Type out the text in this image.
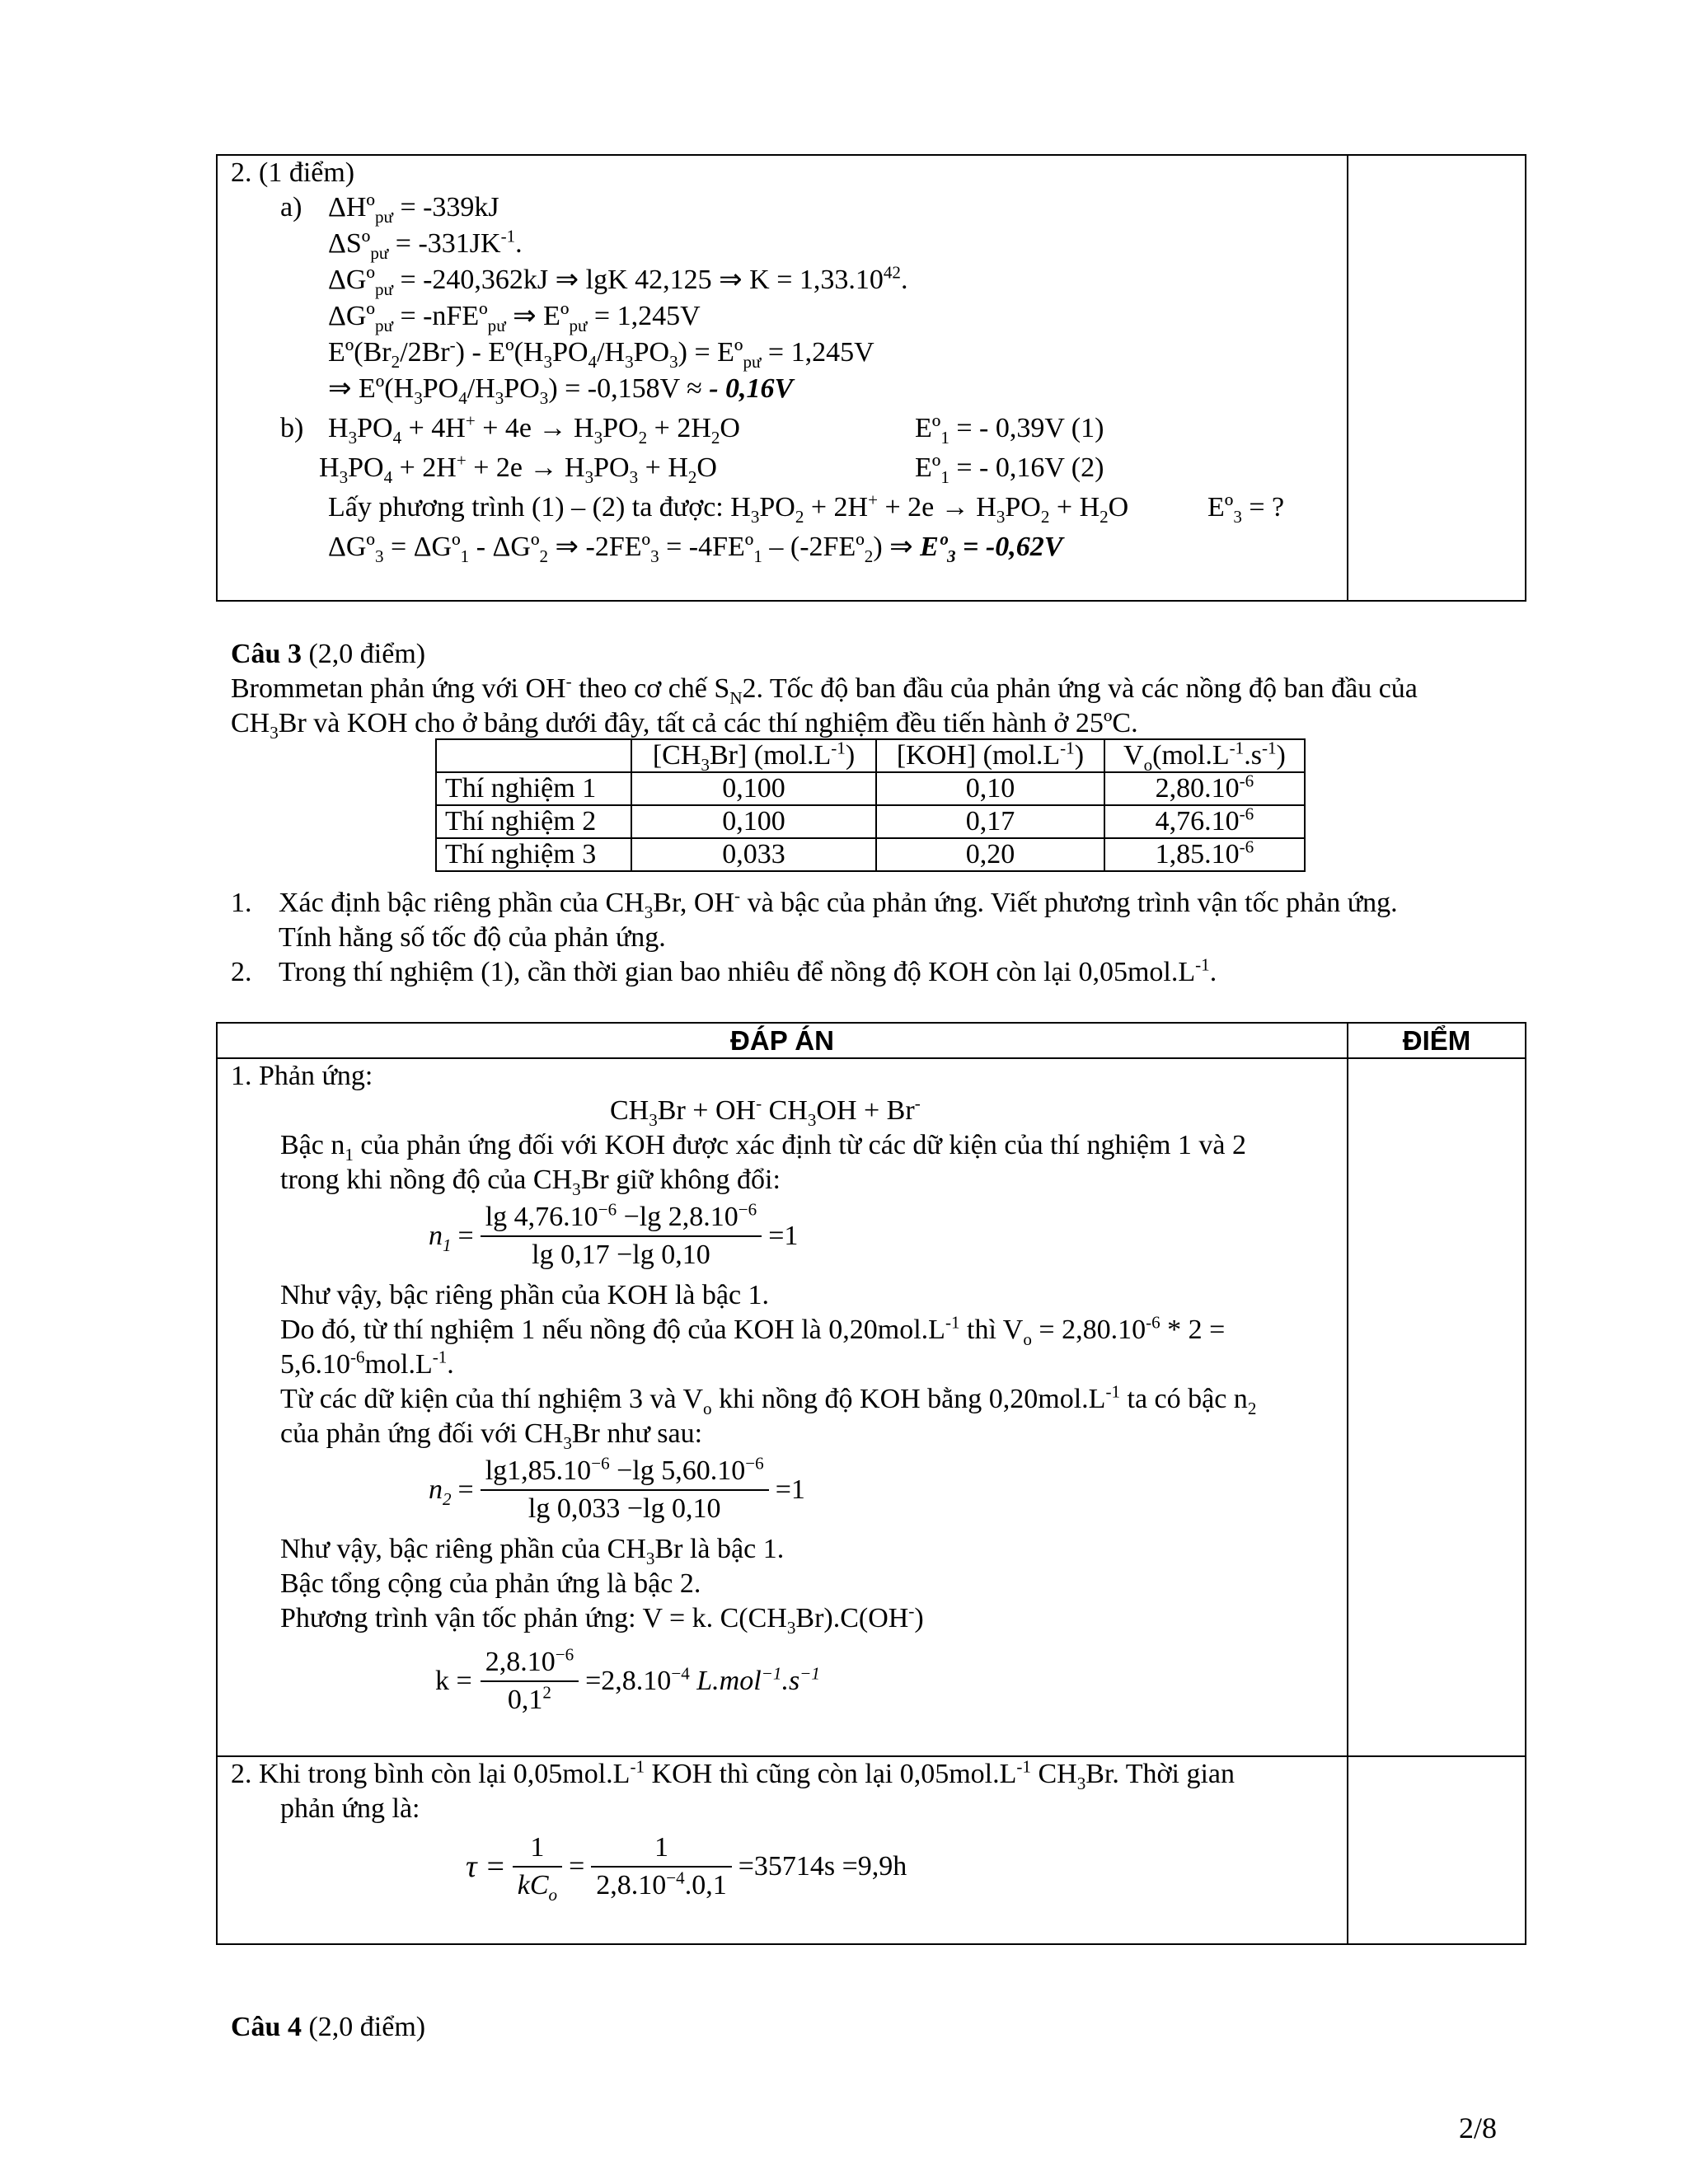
2. (1 điểm)
a) ΔHº$_{pư}$ = -339kJ
ΔSº$_{pư}$ = $-331JK^{-1}$.
ΔGº$_{pư}$ = -240,362kJ ⇒ lgK 42,125 ⇒ $K = 1,33.10^{42}$.
ΔGº$_{pư}$ = -nFEº$_{pư}$ ⇒ Eº$_{pư}$ = 1,245V
$Eº(Br_2/2Br^-)$ - $Eº(H_3PO_4/H_3PO_3)$ = Eº$_{pư}$ = 1,245V
⇒ $Eº(H_3PO_4/H_3PO_3) = -0,158V$ ≈ - 0,16V
b) $H_3PO_4 + 4H^+ + 4e \to H_3PO_2 + 2H_2O$	Eº$_1$ = - 0,39V (1)
$H_3PO_4 + 2H^+ + 2e \to H_3PO_3 + H_2O$	Eº$_1$ = - 0,16V (2)
Lấy phương trình (1) – (2) ta được: $H_3PO_2 + 2H^+ + 2e \to H_3PO_2 + H_2O$	Eº$_3$ = ?
ΔGº$_3$ = ΔGº$_1$ - ΔGº$_2$ ⇒ -2FEº$_3$ = -4FEº$_1$ – (-2FEº$_2$) ⇒ Eº$_3$ = -0,62V
Câu 3 (2,0 điểm)
Brommetan phản ứng với OH- theo cơ chế $S_N2$. Tốc độ ban đầu của phản ứng và các nồng độ ban đầu của
$CH_3Br$ và KOH cho ở bảng dưới đây, tất cả các thí nghiệm đều tiến hành ở 25ºC.
	$[CH_3Br]$ $(mol.L^{-1})$	[KOH] $(mol.L^{-1})$	$V_o(mol.L^{-1}.s^{-1})$
Thí nghiệm 1	0,100	0,10	$2,80.10^{-6}$
Thí nghiệm 2	0,100	0,17	$4,76.10^{-6}$
Thí nghiệm 3	0,033	0,20	$1,85.10^{-6}$
1. Xác định bậc riêng phần của $CH_3Br$, OH- và bậc của phản ứng. Viết phương trình vận tốc phản ứng.
Tính hằng số tốc độ của phản ứng.
2. Trong thí nghiệm (1), cần thời gian bao nhiêu để nồng độ KOH còn lại $0,05mol.L^{-1}$.
ĐÁP ÁN	ĐIỂM
1. Phản ứng:
$CH_3Br + OH^-$ $CH_3OH + Br^-$
Bậc $n_1$ của phản ứng đối với KOH được xác định từ các dữ kiện của thí nghiệm 1 và 2
trong khi nồng độ của $CH_3Br$ giữ không đổi:
$n_1 = \frac{\lg 4,76.10^{-6} -\lg 2,8.10^{-6}}{\lg 0,17 -\lg 0,10} =1$
Như vậy, bậc riêng phần của KOH là bậc 1.
Do đó, từ thí nghiệm 1 nếu nồng độ của KOH là $0,20mol.L^{-1}$ thì $V_o = 2,80.10^{-6} * 2$ =
$5,6.10^{-6}mol.L^{-1}$.
Từ các dữ kiện của thí nghiệm 3 và $V_o$ khi nồng độ KOH bằng $0,20mol.L^{-1}$ ta có bậc $n_2$
của phản ứng đối với $CH_3Br$ như sau:
$n_2 = \frac{\lg 1,85.10^{-6} -\lg 5,60.10^{-6}}{\lg 0,033 -\lg 0,10} =1$
Như vậy, bậc riêng phần của $CH_3Br$ là bậc 1.
Bậc tổng cộng của phản ứng là bậc 2.
Phương trình vận tốc phản ứng: V = k. $C(CH_3Br).C(OH^-)$
$k = \frac{2,8.10^{-6}}{0,1^2} =2,8.10^{-4}$ $L.mol^{-1}.s^{-1}$
2. Khi trong bình còn lại $0,05mol.L^{-1}$ KOH thì cũng còn lại $0,05mol.L^{-1}$ $CH_3Br$. Thời gian
phản ứng là:
$\tau = \frac{1}{kC_o} = \frac{1}{2,8.10^{-4}.0,1} =35714s =9,9h$
Câu 4 (2,0 điểm)
2/8
